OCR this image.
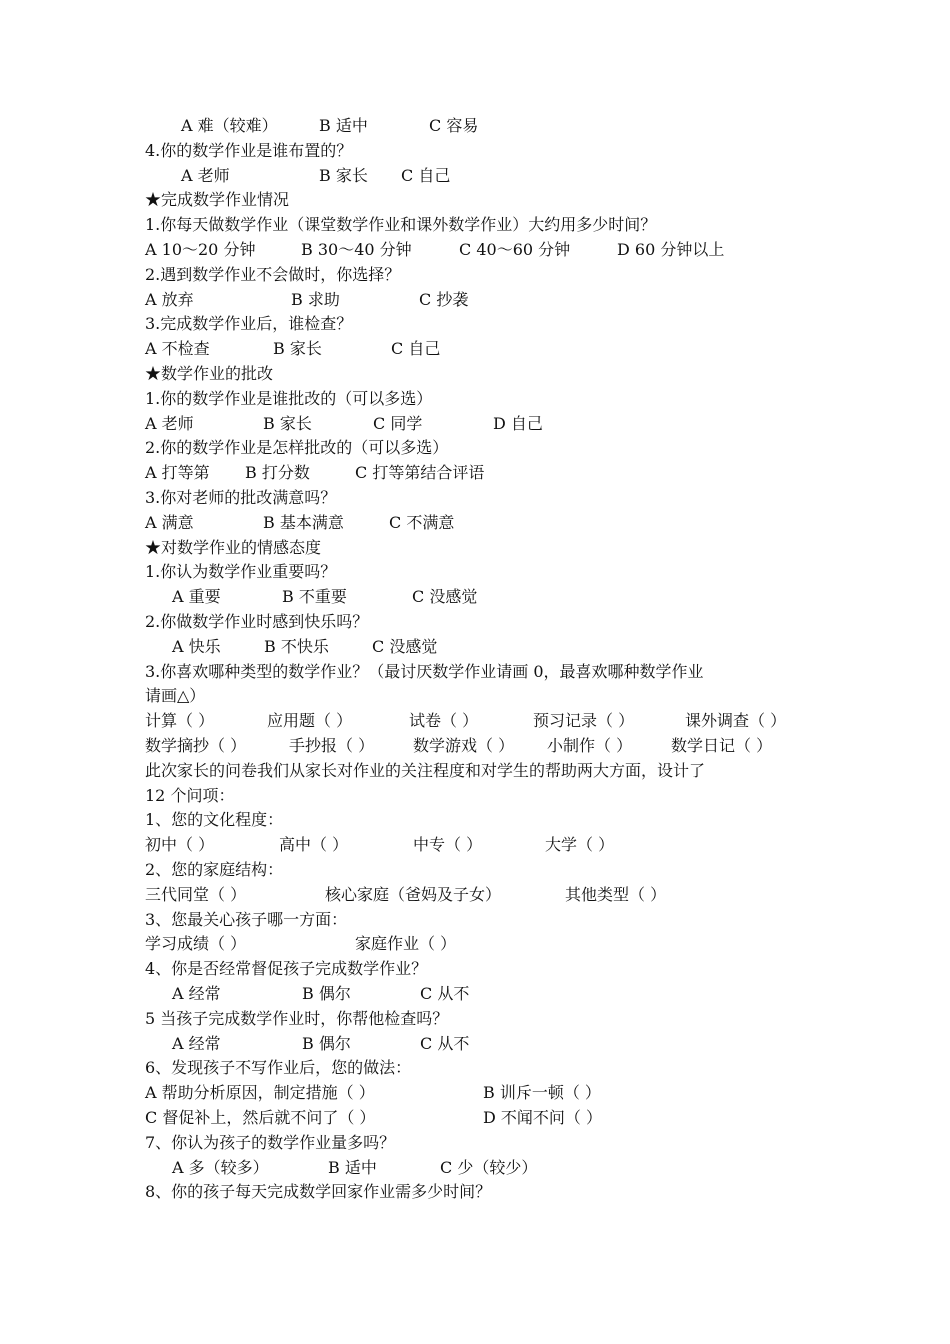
A 难（较难）	B 适中	C 容易
4.你的数学作业是谁布置的？
A 老师	B 家长 C 自己
★完成数学作业情况
1.你每天做数学作业（课堂数学作业和课外数学作业）大约用多少时间？
A 10～20 分钟	B 30～40 分钟	C 40～60 分钟	D 60 分钟以上
2.遇到数学作业不会做时，你选择？
A 放弃	B 求助	C 抄袭
3.完成数学作业后，谁检查？
A 不检查	B 家长	C 自己
★数学作业的批改
1.你的数学作业是谁批改的（可以多选）
A 老师	B 家长	C 同学	D 自己
2.你的数学作业是怎样批改的（可以多选）
A 打等第 B 打分数	C 打等第结合评语
3.你对老师的批改满意吗？
A 满意	B 基本满意	C 不满意
★对数学作业的情感态度
1.你认为数学作业重要吗？
A 重要	B 不重要	C 没感觉
2.你做数学作业时感到快乐吗？
A 快乐	B 不快乐	C 没感觉
3.你喜欢哪种类型的数学作业？（最讨厌数学作业请画 0，最喜欢哪种数学作业
请画△）
计算（ ）	应用题（ ）	试卷（ ）	预习记录（ ）	课外调查（ ）
数学摘抄（ ）	手抄报（ ） 数学游戏（ ） 小制作（ ） 数学日记（ ）
此次家长的问卷我们从家长对作业的关注程度和对学生的帮助两大方面，设计了
12 个问项：
1、您的文化程度：
初中（ ）	高中（ ）	中专（ ）	大学（ ）
2、您的家庭结构：
三代同堂（ ）	核心家庭（爸妈及子女）	其他类型（ ）
3、您最关心孩子哪一方面：
学习成绩（ ）	家庭作业（ ）
4、你是否经常督促孩子完成数学作业？
A 经常	B 偶尔	C 从不
5 当孩子完成数学作业时，你帮他检查吗？
A 经常	B 偶尔	C 从不
6、发现孩子不写作业后，您的做法：
A 帮助分析原因，制定措施（ ）	B 训斥一顿（ ）
C 督促补上，然后就不问了（ ）	D 不闻不问（ ）
7、你认为孩子的数学作业量多吗？
A 多（较多）	B 适中	C 少（较少）
8、你的孩子每天完成数学回家作业需多少时间？
